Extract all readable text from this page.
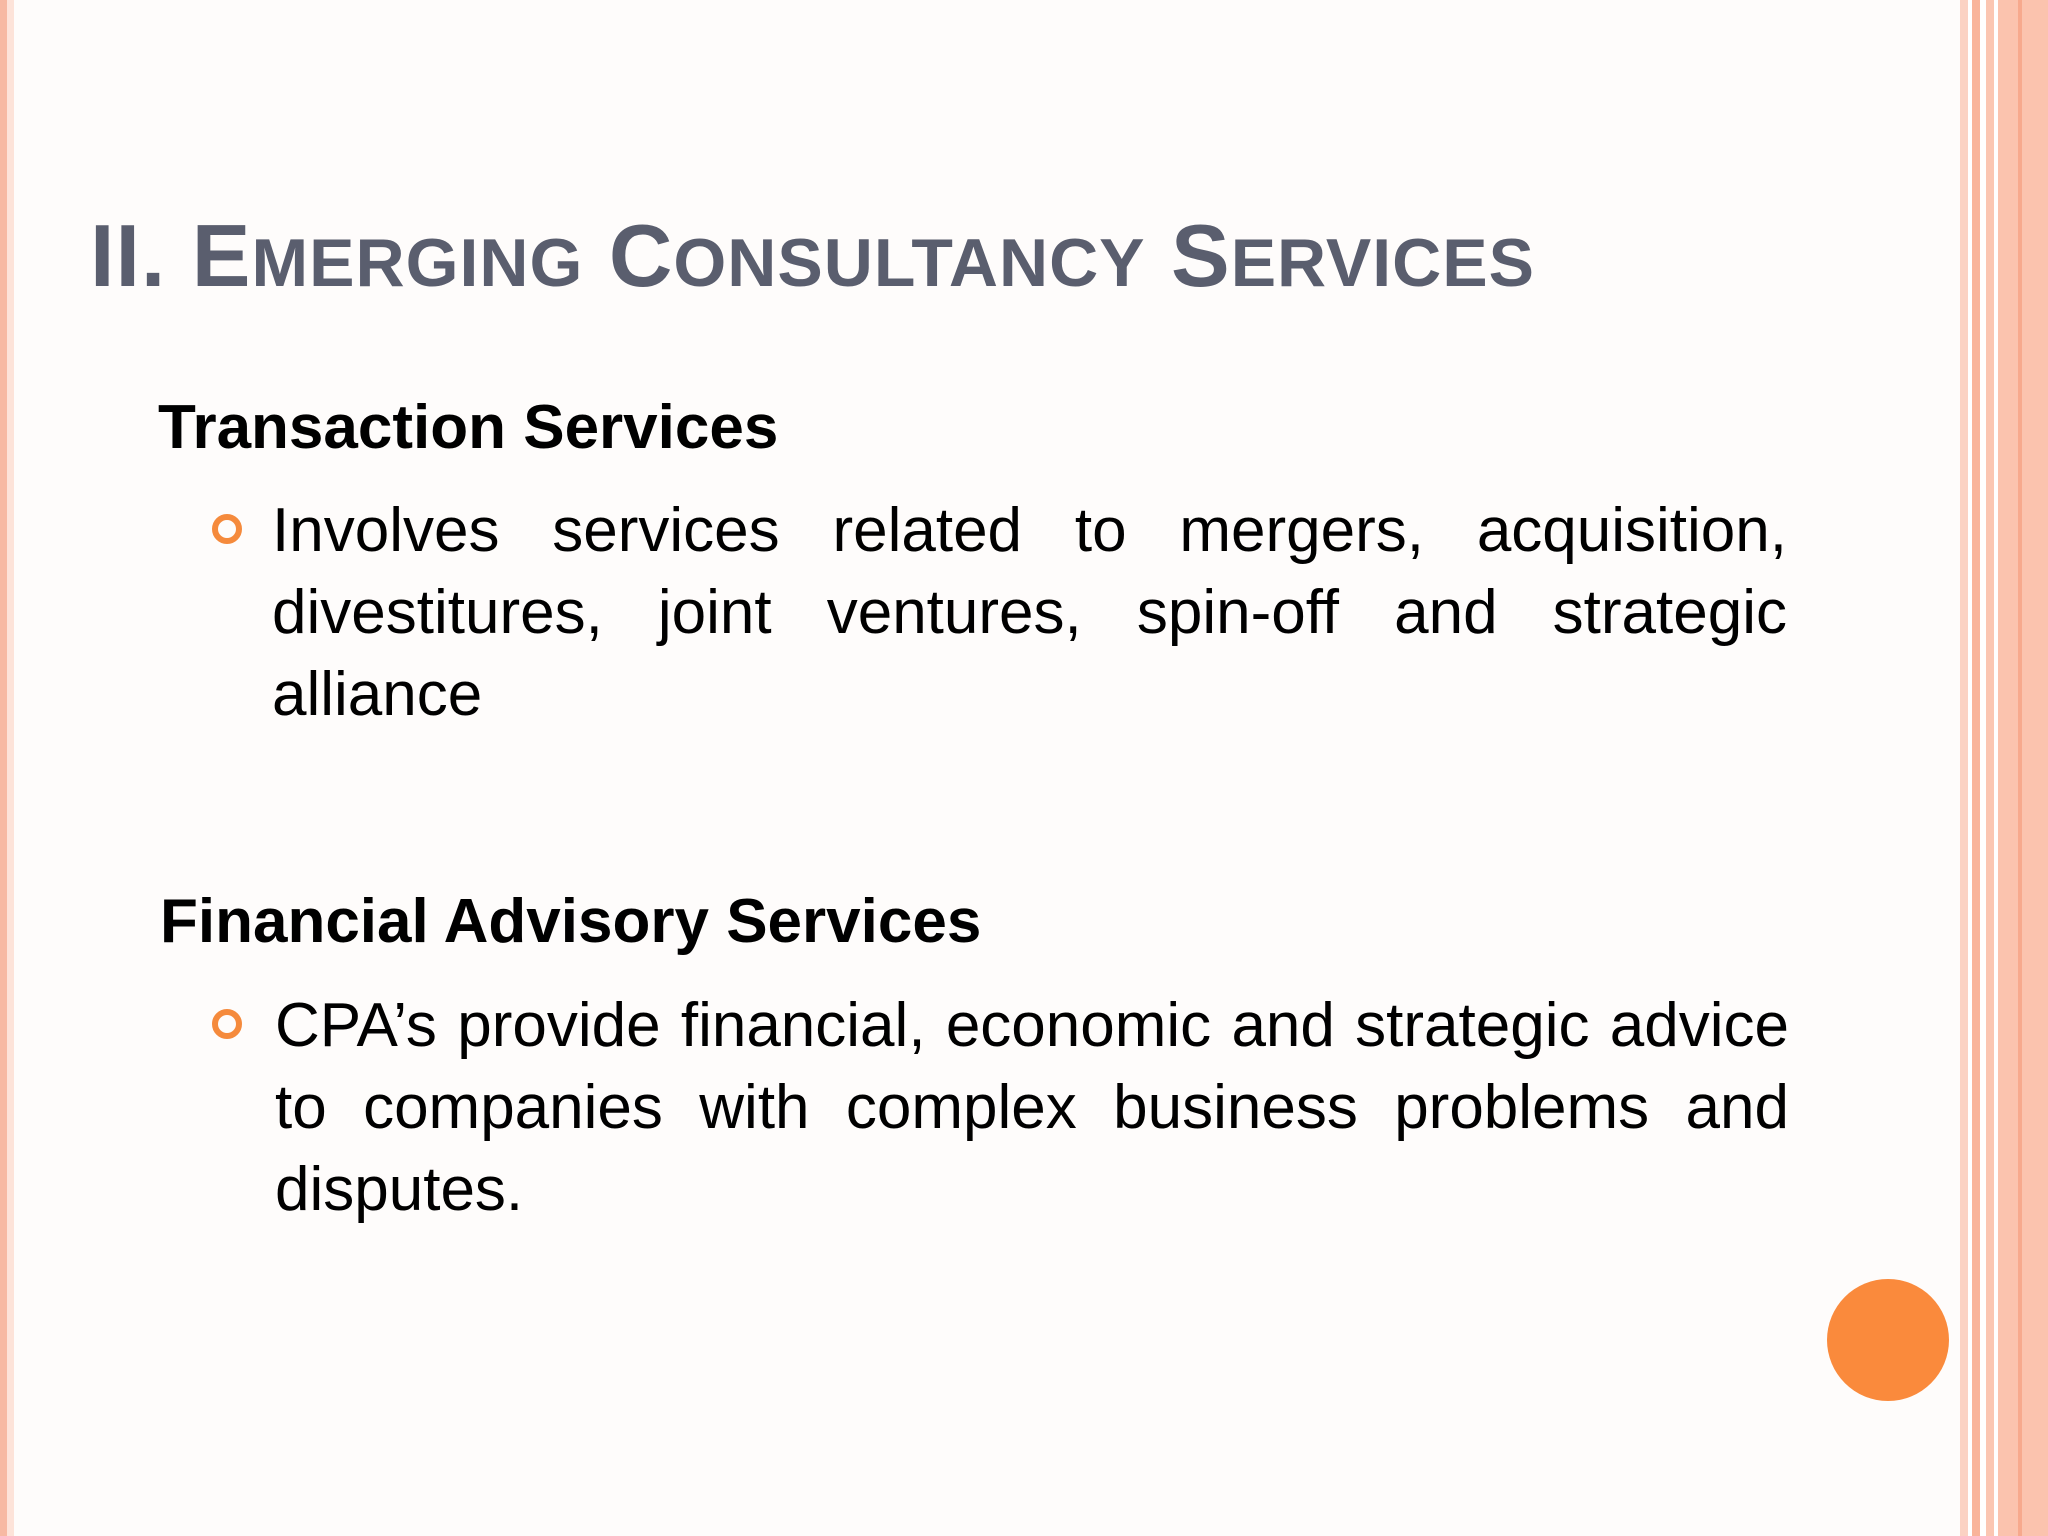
II. EMERGING CONSULTANCY SERVICES
Transaction Services
Involves services related to mergers, acquisition, divestitures, joint ventures, spin-off and strategic alliance
Financial Advisory Services
CPA’s provide financial, economic and strategic advice to companies with complex business problems and disputes.
